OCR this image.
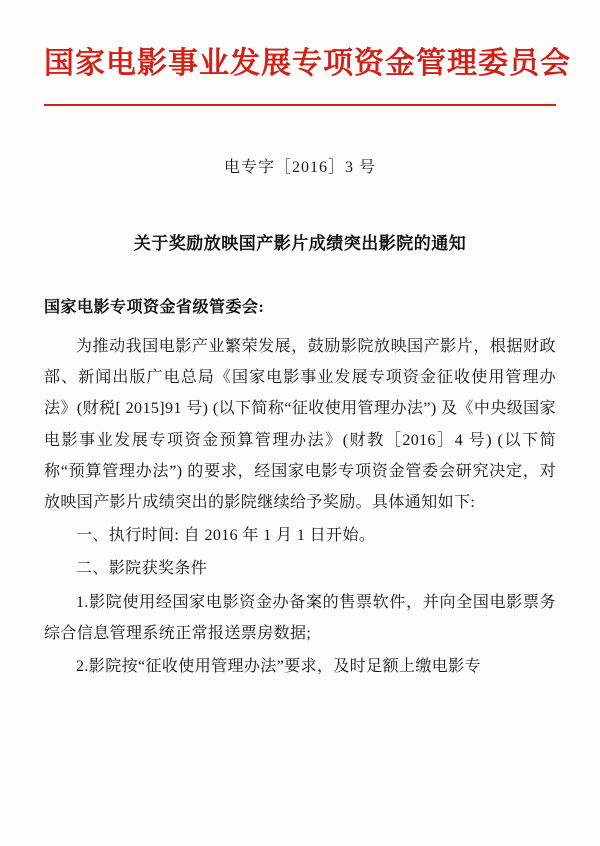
国家电影事业发展专项资金管理委员会
电专字［2016］3 号
关于奖励放映国产影片成绩突出影院的通知
国家电影专项资金省级管委会:

为推动我国电影产业繁荣发展，鼓励影院放映国产影片，根据财政部、新闻出版广电总局《国家电影事业发展专项资金征收使用管理办法》(财税[ 2015]91 号) (以下简称“征收使用管理办法”) 及《中央级国家电影事业发展专项资金预算管理办法》(财教［2016］4 号) (以下简称“预算管理办法”) 的要求，经国家电影专项资金管委会研究决定，对放映国产影片成绩突出的影院继续给予奖励。具体通知如下:

一、执行时间: 自 2016 年 1 月 1 日开始。

二、影院获奖条件

1.影院使用经国家电影资金办备案的售票软件，并向全国电影票务综合信息管理系统正常报送票房数据;

2.影院按“征收使用管理办法”要求，及时足额上缴电影专
